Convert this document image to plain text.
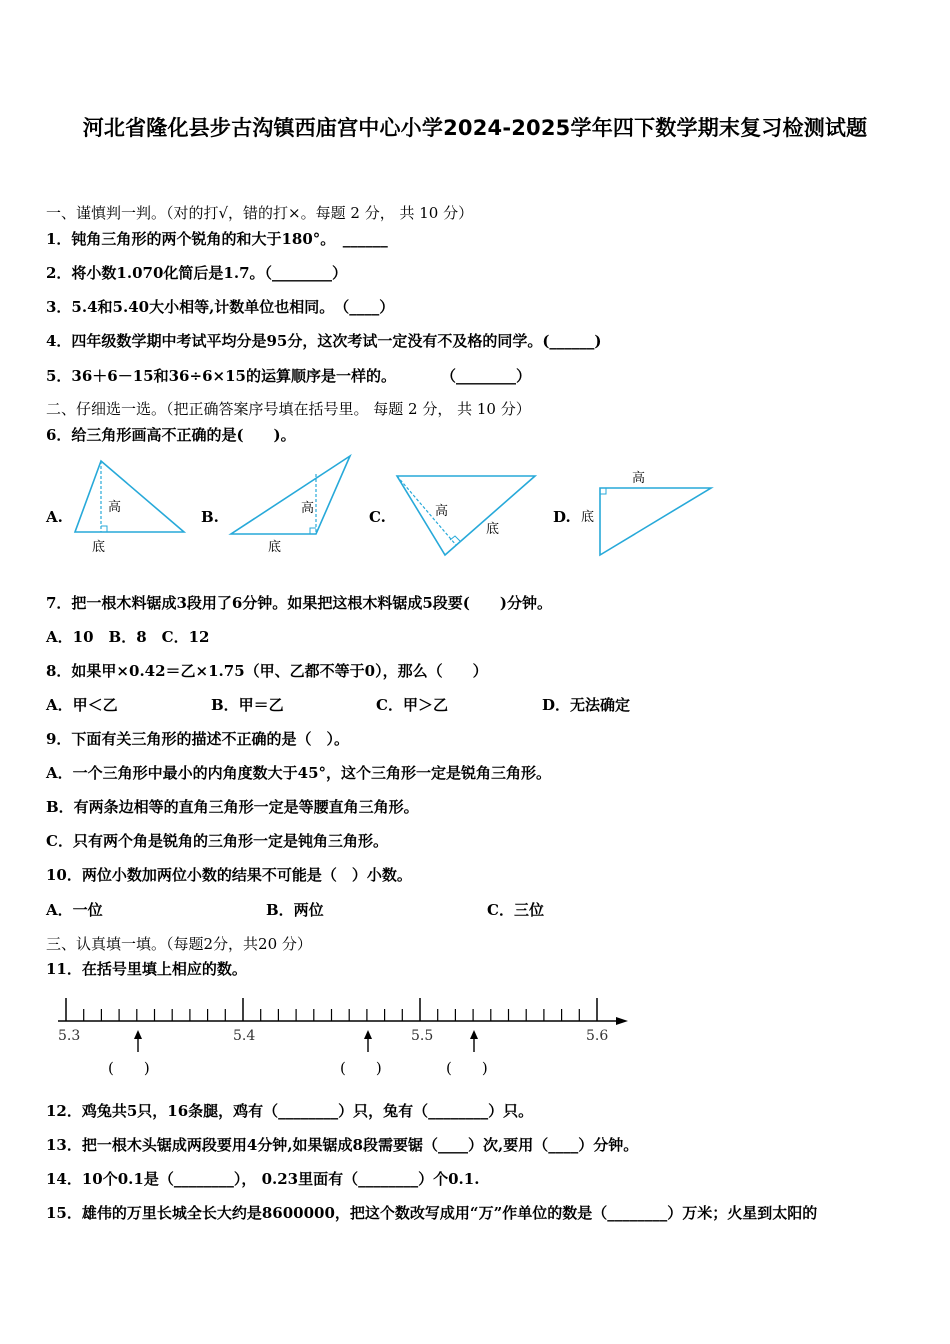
河北省隆化县步古沟镇西庙宫中心小学2024-2025学年四下数学期末复习检测试题
一、谨慎判一判。（对的打√，错的打×。每题 2 分， 共 10 分）
1．钝角三角形的两个锐角的和大于180°。　______
2．将小数1.070化简后是1.7。（________）
3．5.4和5.40大小相等,计数单位也相同。　（____）
4．四年级数学期中考试平均分是95分，这次考试一定没有不及格的同学。(______)
5．36＋6－15和36÷6×15的运算顺序是一样的。　　　　（________）
二、仔细选一选。（把正确答案序号填在括号里。 每题 2 分， 共 10 分）
6．给三角形画高不正确的是(　　)。
A.
高
底
B.	高
底
C.	高
底
D.
高
底
7．把一根木料锯成3段用了6分钟。如果把这根木料锯成5段要(　　)分钟。
A．10　B．8　C．12
8．如果甲×0.42＝乙×1.75（甲、乙都不等于0），那么（　　）
A．甲＜乙	B．甲＝乙	C．甲＞乙	D．无法确定
9．下面有关三角形的描述不正确的是（　）。
A．一个三角形中最小的内角度数大于45°，这个三角形一定是锐角三角形。
B．有两条边相等的直角三角形一定是等腰直角三角形。
C．只有两个角是锐角的三角形一定是钝角三角形。
10．两位小数加两位小数的结果不可能是（　）小数。
A．一位	B．两位	C．三位
三、认真填一填。（每题2分，共20 分）
11．在括号里填上相应的数。
5.3	5.4	5.5	5.6
(　　)	(　　)	(　　)
12．鸡兔共5只，16条腿，鸡有（________）只，兔有（________）只。
13．把一根木头锯成两段要用4分钟,如果锯成8段需要锯（____）次,要用（____）分钟。
14．10个0.1是（________）， 0.23里面有（________）个0.1.
15．雄伟的万里长城全长大约是8600000，把这个数改写成用“万”作单位的数是（________）万米；火星到太阳的
